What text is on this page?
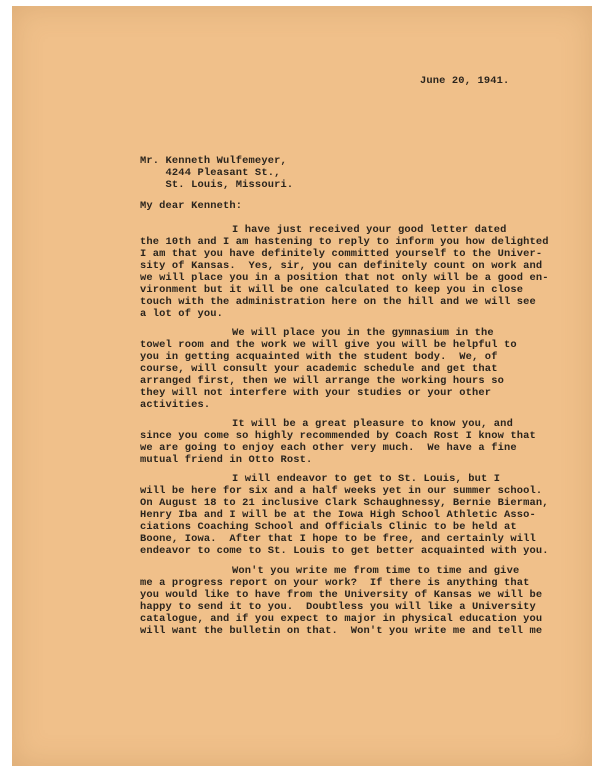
June 20, 1941.
Mr. Kenneth Wulfemeyer,
4244 Pleasant St.,
St. Louis, Missouri.
My dear Kenneth:
I have just received your good letter dated
the 10th and I am hastening to reply to inform you how delighted
I am that you have definitely committed yourself to the Univer-
sity of Kansas.  Yes, sir, you can definitely count on work and
we will place you in a position that not only will be a good en-
vironment but it will be one calculated to keep you in close
touch with the administration here on the hill and we will see
a lot of you.
We will place you in the gymnasium in the
towel room and the work we will give you will be helpful to
you in getting acquainted with the student body.  We, of
course, will consult your academic schedule and get that
arranged first, then we will arrange the working hours so
they will not interfere with your studies or your other
activities.
It will be a great pleasure to know you, and
since you come so highly recommended by Coach Rost I know that
we are going to enjoy each other very much.  We have a fine
mutual friend in Otto Rost.
I will endeavor to get to St. Louis, but I
will be here for six and a half weeks yet in our summer school.
On August 18 to 21 inclusive Clark Schaughnessy, Bernie Bierman,
Henry Iba and I will be at the Iowa High School Athletic Asso-
ciations Coaching School and Officials Clinic to be held at
Boone, Iowa.  After that I hope to be free, and certainly will
endeavor to come to St. Louis to get better acquainted with you.
Won't you write me from time to time and give
me a progress report on your work?  If there is anything that
you would like to have from the University of Kansas we will be
happy to send it to you.  Doubtless you will like a University
catalogue, and if you expect to major in physical education you
will want the bulletin on that.  Won't you write me and tell me
